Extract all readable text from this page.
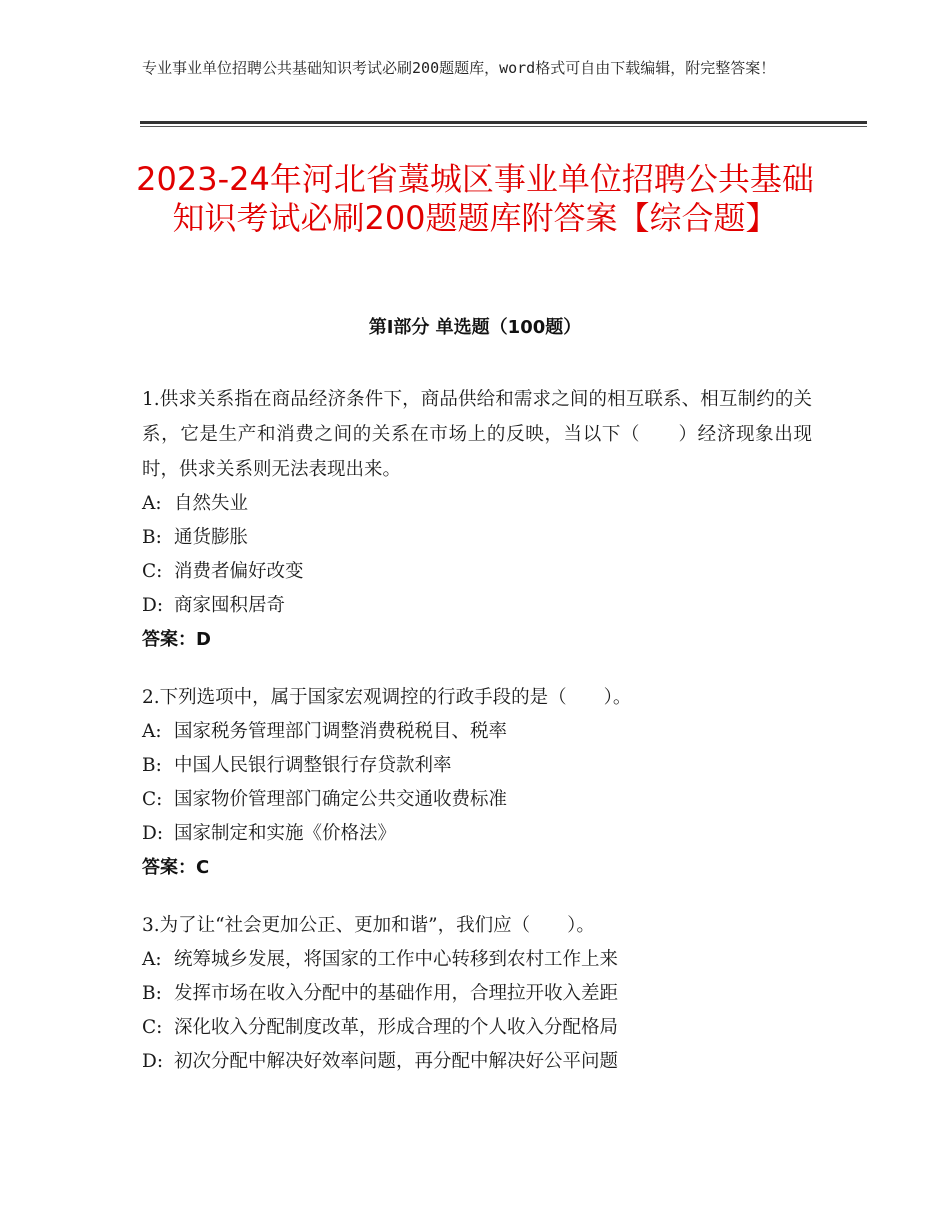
专业事业单位招聘公共基础知识考试必刷200题题库，word格式可自由下载编辑，附完整答案！
2023-24年河北省藁城区事业单位招聘公共基础知识考试必刷200题题库附答案【综合题】
第Ⅰ部分 单选题（100题）
1.供求关系指在商品经济条件下，商品供给和需求之间的相互联系、相互制约的关系，它是生产和消费之间的关系在市场上的反映，当以下（　　）经济现象出现时，供求关系则无法表现出来。
A: 自然失业
B: 通货膨胀
C: 消费者偏好改变
D: 商家囤积居奇
答案：D
2.下列选项中，属于国家宏观调控的行政手段的是（　　）。
A: 国家税务管理部门调整消费税税目、税率
B: 中国人民银行调整银行存贷款利率
C: 国家物价管理部门确定公共交通收费标准
D: 国家制定和实施《价格法》
答案：C
3.为了让“社会更加公正、更加和谐”，我们应（　　）。
A: 统筹城乡发展，将国家的工作中心转移到农村工作上来
B: 发挥市场在收入分配中的基础作用，合理拉开收入差距
C: 深化收入分配制度改革，形成合理的个人收入分配格局
D: 初次分配中解决好效率问题，再分配中解决好公平问题
